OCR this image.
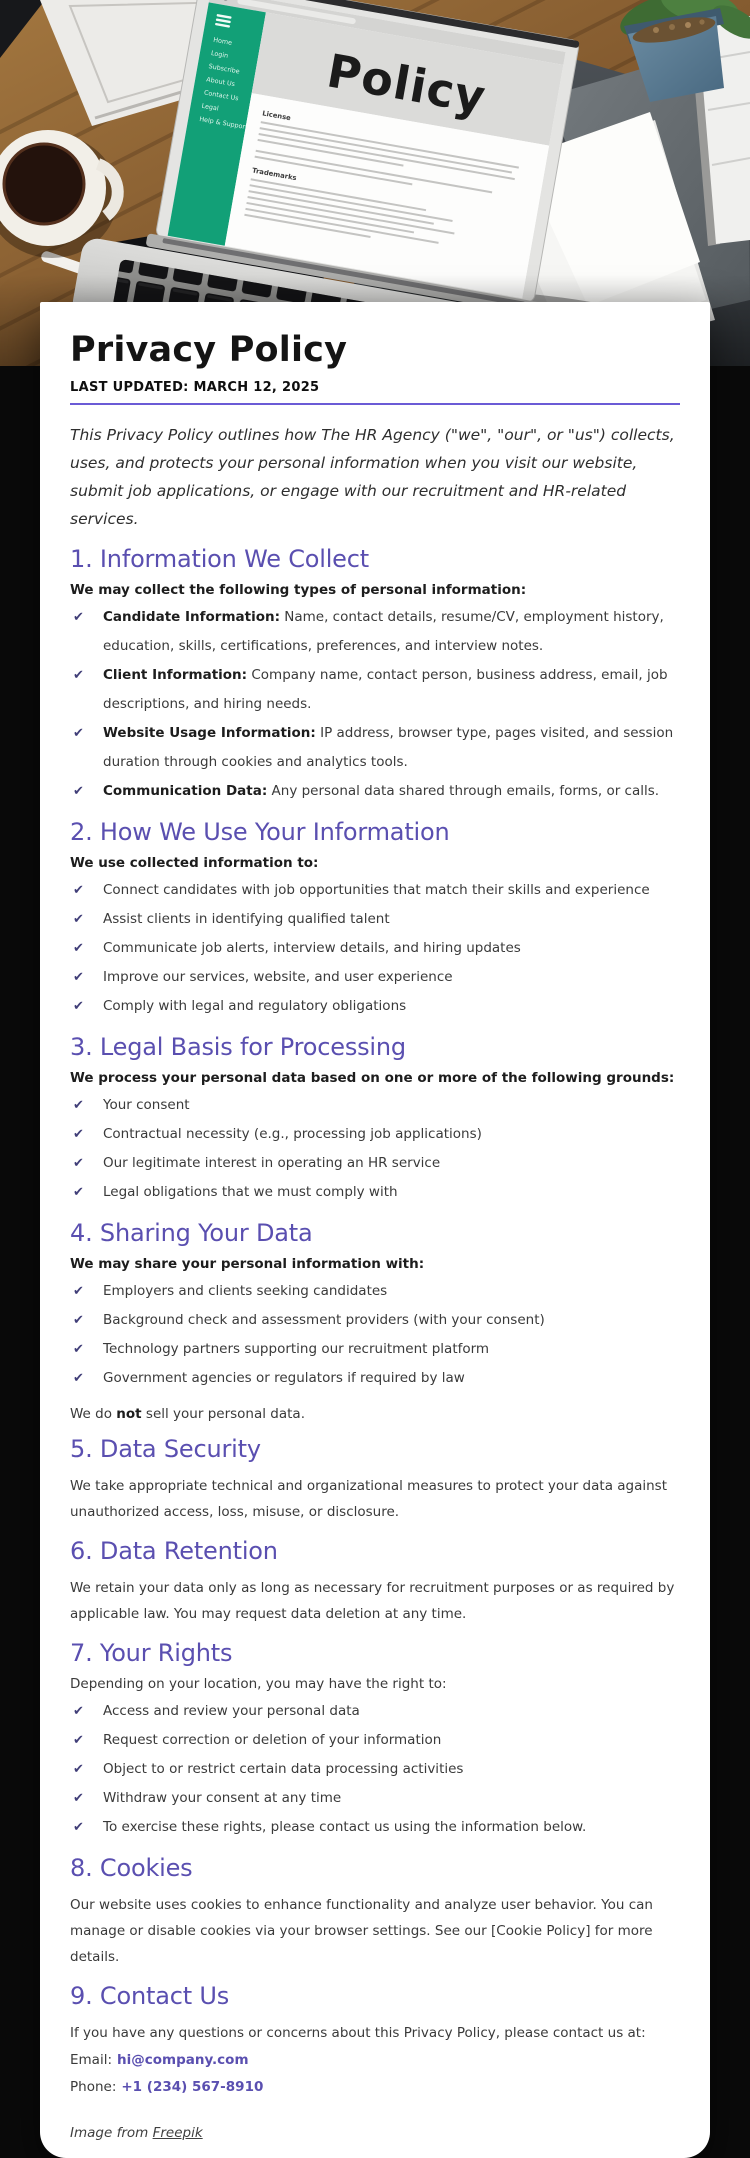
Privacy Policy

LAST UPDATED: MARCH 12, 2025

This Privacy Policy outlines how The HR Agency ("we", "our", or "us") collects, uses, and protects your personal information when you visit our website, submit job applications, or engage with our recruitment and HR-related services.

1. Information We Collect

We may collect the following types of personal information:

✔ Candidate Information: Name, contact details, resume/CV, employment history, education, skills, certifications, preferences, and interview notes.
✔ Client Information: Company name, contact person, business address, email, job descriptions, and hiring needs.
✔ Website Usage Information: IP address, browser type, pages visited, and session duration through cookies and analytics tools.
✔ Communication Data: Any personal data shared through emails, forms, or calls.
2. How We Use Your Information

We use collected information to:

✔ Connect candidates with job opportunities that match their skills and experience
✔ Assist clients in identifying qualified talent
✔ Communicate job alerts, interview details, and hiring updates
✔ Improve our services, website, and user experience
✔ Comply with legal and regulatory obligations
3. Legal Basis for Processing

We process your personal data based on one or more of the following grounds:

✔ Your consent
✔ Contractual necessity (e.g., processing job applications)
✔ Our legitimate interest in operating an HR service
✔ Legal obligations that we must comply with
4. Sharing Your Data

We may share your personal information with:

✔ Employers and clients seeking candidates
✔ Background check and assessment providers (with your consent)
✔ Technology partners supporting our recruitment platform
✔ Government agencies or regulators if required by law

We do not sell your personal data.

5. Data Security

We take appropriate technical and organizational measures to protect your data against unauthorized access, loss, misuse, or disclosure.

6. Data Retention

We retain your data only as long as necessary for recruitment purposes or as required by applicable law. You may request data deletion at any time.

7. Your Rights

Depending on your location, you may have the right to:

✔ Access and review your personal data
✔ Request correction or deletion of your information
✔ Object to or restrict certain data processing activities
✔ Withdraw your consent at any time
✔ To exercise these rights, please contact us using the information below.
8. Cookies

Our website uses cookies to enhance functionality and analyze user behavior. You can manage or disable cookies via your browser settings. See our [Cookie Policy] for more details.

9. Contact Us

If you have any questions or concerns about this Privacy Policy, please contact us at:

Email: hi@company.com

Phone: +1 (234) 567-8910

Image from Freepik
